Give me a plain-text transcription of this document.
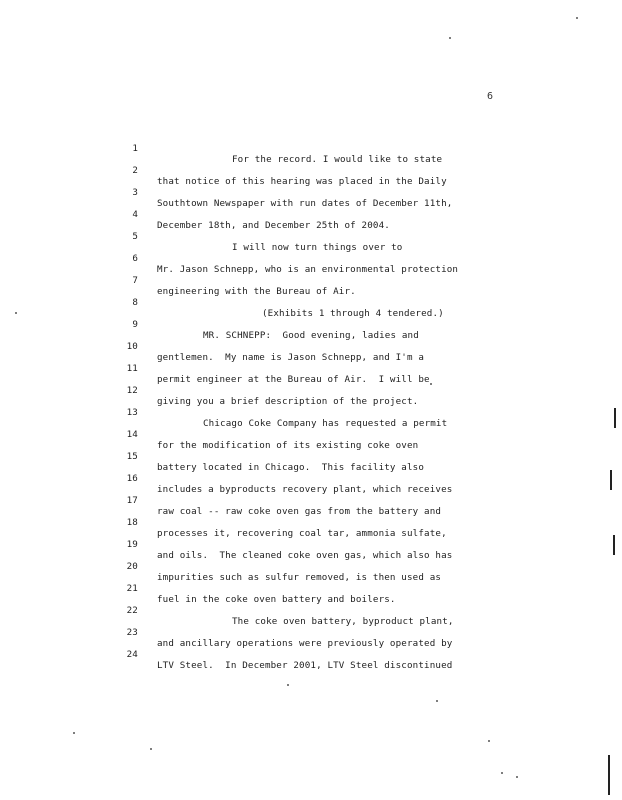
6

1

For the record. I would like to state

2

that notice of this hearing was placed in the Daily

3

Southtown Newspaper with run dates of December 11th,

4

December 18th, and December 25th of 2004.

5

I will now turn things over to

6

Mr. Jason Schnepp, who is an environmental protection

7

engineering with the Bureau of Air.

8

(Exhibits 1 through 4 tendered.)

9

MR. SCHNEPP:  Good evening, ladies and

10

gentlemen.  My name is Jason Schnepp, and I'm a

11

permit engineer at the Bureau of Air.  I will be

12

giving you a brief description of the project.

13

Chicago Coke Company has requested a permit

14

for the modification of its existing coke oven

15

battery located in Chicago.  This facility also

16

includes a byproducts recovery plant, which receives

17

raw coal -- raw coke oven gas from the battery and

18

processes it, recovering coal tar, ammonia sulfate,

19

and oils.  The cleaned coke oven gas, which also has

20

impurities such as sulfur removed, is then used as

21

fuel in the coke oven battery and boilers.

22

The coke oven battery, byproduct plant,

23

and ancillary operations were previously operated by

24

LTV Steel.  In December 2001, LTV Steel discontinued
